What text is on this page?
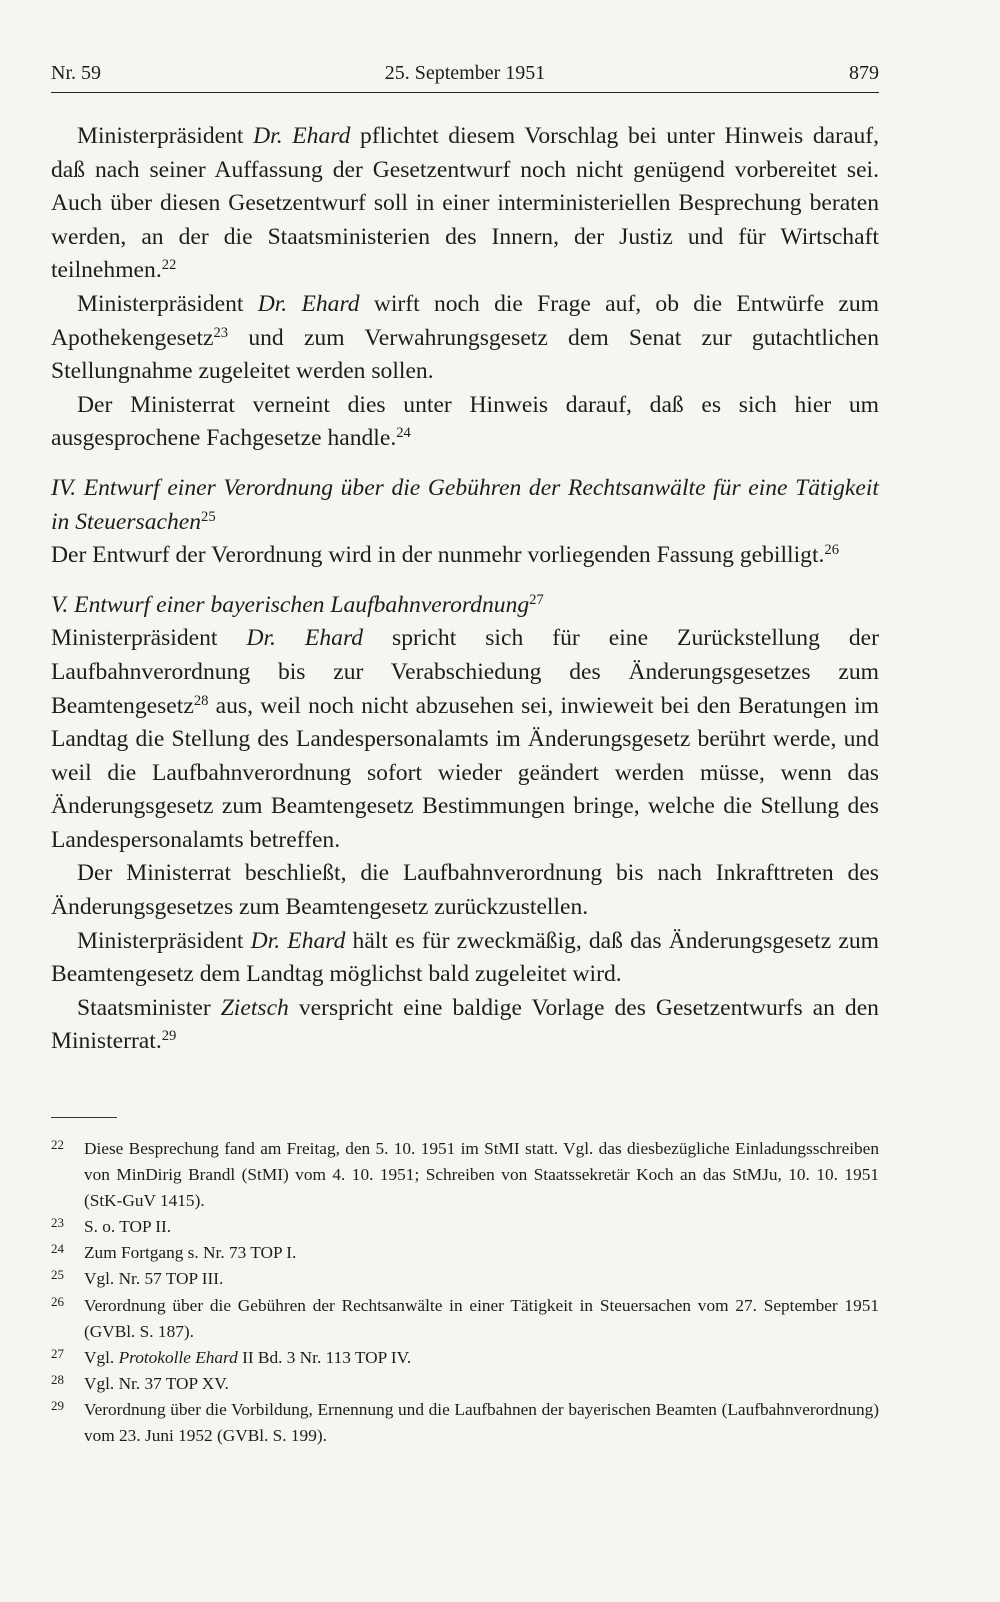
Nr. 59	25. September 1951	879

Ministerpräsident Dr. Ehard pflichtet diesem Vorschlag bei unter Hinweis darauf, daß nach seiner Auffassung der Gesetzentwurf noch nicht genügend vorbereitet sei. Auch über diesen Gesetzentwurf soll in einer interministeriellen Besprechung beraten werden, an der die Staatsministerien des Innern, der Justiz und für Wirtschaft teilnehmen.$^{22}$

Ministerpräsident Dr. Ehard wirft noch die Frage auf, ob die Entwürfe zum Apothekengesetz$^{23}$ und zum Verwahrungsgesetz dem Senat zur gutachtlichen Stellungnahme zugeleitet werden sollen.

Der Ministerrat verneint dies unter Hinweis darauf, daß es sich hier um ausgesprochene Fachgesetze handle.$^{24}$

IV. Entwurf einer Verordnung über die Gebühren der Rechtsanwälte für eine Tätigkeit in Steuersachen$^{25}$

Der Entwurf der Verordnung wird in der nunmehr vorliegenden Fassung gebilligt.$^{26}$

V. Entwurf einer bayerischen Laufbahnverordnung$^{27}$

Ministerpräsident Dr. Ehard spricht sich für eine Zurückstellung der Laufbahnverordnung bis zur Verabschiedung des Änderungsgesetzes zum Beamtengesetz$^{28}$ aus, weil noch nicht abzusehen sei, inwieweit bei den Beratungen im Landtag die Stellung des Landespersonalamts im Änderungsgesetz berührt werde, und weil die Laufbahnverordnung sofort wieder geändert werden müsse, wenn das Änderungsgesetz zum Beamtengesetz Bestimmungen bringe, welche die Stellung des Landespersonalamts betreffen.

Der Ministerrat beschließt, die Laufbahnverordnung bis nach Inkrafttreten des Änderungsgesetzes zum Beamtengesetz zurückzustellen.

Ministerpräsident Dr. Ehard hält es für zweckmäßig, daß das Änderungsgesetz zum Beamtengesetz dem Landtag möglichst bald zugeleitet wird.

Staatsminister Zietsch verspricht eine baldige Vorlage des Gesetzentwurfs an den Ministerrat.$^{29}$

22	Diese Besprechung fand am Freitag, den 5. 10. 1951 im StMI statt. Vgl. das diesbezügliche Einladungsschreiben von MinDirig Brandl (StMI) vom 4. 10. 1951; Schreiben von Staatssekretär Koch an das StMJu, 10. 10. 1951 (StK-GuV 1415).
23	S. o. TOP II.
24	Zum Fortgang s. Nr. 73 TOP I.
25	Vgl. Nr. 57 TOP III.
26	Verordnung über die Gebühren der Rechtsanwälte in einer Tätigkeit in Steuersachen vom 27. September 1951 (GVBl. S. 187).
27	Vgl. Protokolle Ehard II Bd. 3 Nr. 113 TOP IV.
28	Vgl. Nr. 37 TOP XV.
29	Verordnung über die Vorbildung, Ernennung und die Laufbahnen der bayerischen Beamten (Laufbahnverordnung) vom 23. Juni 1952 (GVBl. S. 199).
